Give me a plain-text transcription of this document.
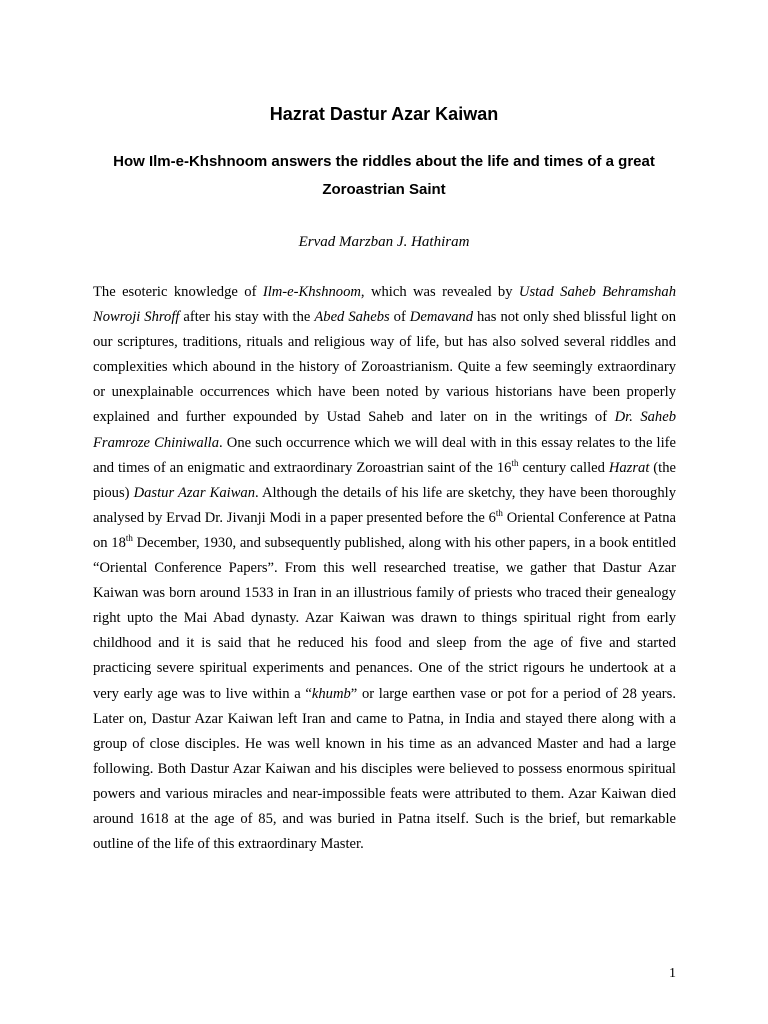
Hazrat Dastur Azar Kaiwan
How Ilm-e-Khshnoom answers the riddles about the life and times of a great Zoroastrian Saint

Ervad Marzban J. Hathiram

The esoteric knowledge of Ilm-e-Khshnoom, which was revealed by Ustad Saheb Behramshah Nowroji Shroff after his stay with the Abed Sahebs of Demavand has not only shed blissful light on our scriptures, traditions, rituals and religious way of life, but has also solved several riddles and complexities which abound in the history of Zoroastrianism. Quite a few seemingly extraordinary or unexplainable occurrences which have been noted by various historians have been properly explained and further expounded by Ustad Saheb and later on in the writings of Dr. Saheb Framroze Chiniwalla. One such occurrence which we will deal with in this essay relates to the life and times of an enigmatic and extraordinary Zoroastrian saint of the 16th century called Hazrat (the pious) Dastur Azar Kaiwan. Although the details of his life are sketchy, they have been thoroughly analysed by Ervad Dr. Jivanji Modi in a paper presented before the 6th Oriental Conference at Patna on 18th December, 1930, and subsequently published, along with his other papers, in a book entitled “Oriental Conference Papers”. From this well researched treatise, we gather that Dastur Azar Kaiwan was born around 1533 in Iran in an illustrious family of priests who traced their genealogy right upto the Mai Abad dynasty. Azar Kaiwan was drawn to things spiritual right from early childhood and it is said that he reduced his food and sleep from the age of five and started practicing severe spiritual experiments and penances. One of the strict rigours he undertook at a very early age was to live within a “khumb” or large earthen vase or pot for a period of 28 years. Later on, Dastur Azar Kaiwan left Iran and came to Patna, in India and stayed there along with a group of close disciples. He was well known in his time as an advanced Master and had a large following. Both Dastur Azar Kaiwan and his disciples were believed to possess enormous spiritual powers and various miracles and near-impossible feats were attributed to them. Azar Kaiwan died around 1618 at the age of 85, and was buried in Patna itself. Such is the brief, but remarkable outline of the life of this extraordinary Master.

1
